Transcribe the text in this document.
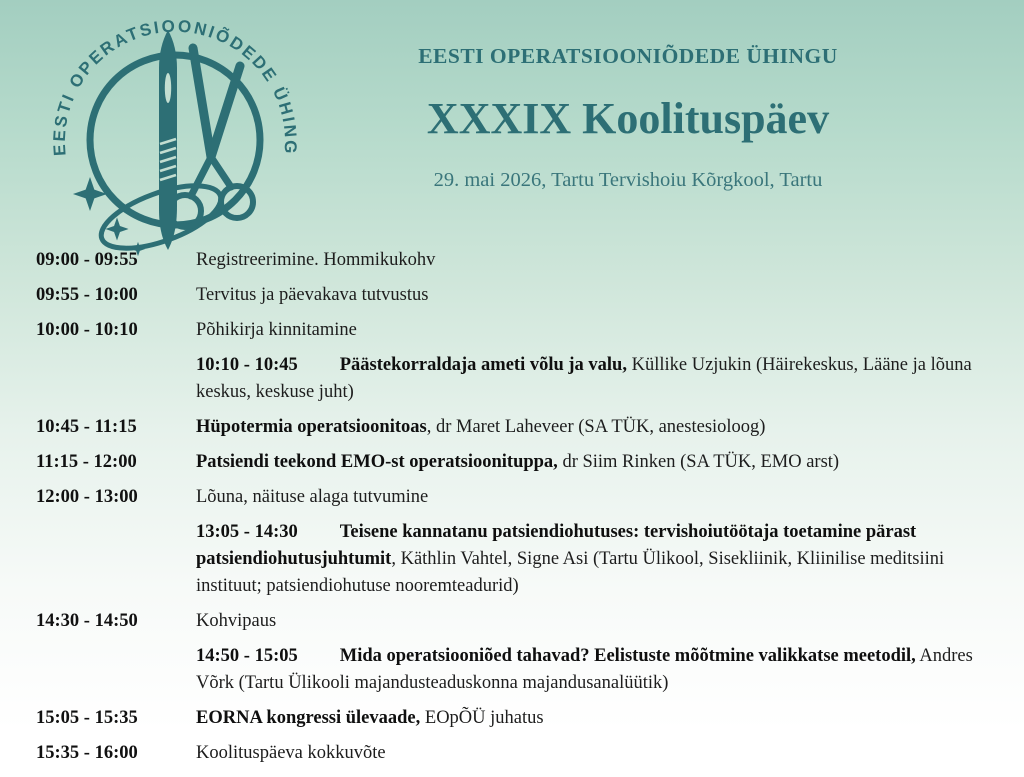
EESTI OPERATSIOONIÕDEDE ÜHING
EESTI OPERATSIOONIÕDEDE ÜHINGU
XXXIX Koolituspäev
29. mai 2026, Tartu Tervishoiu Kõrgkool, Tartu
09:00 - 09:55	Registreerimine. Hommikukohv
09:55 - 10:00	Tervitus ja päevakava tutvustus
10:00 - 10:10	Põhikirja kinnitamine
10:10 - 10:45 Päästekorraldaja ameti võlu ja valu, Küllike Uzjukin (Häirekeskus, Lääne ja lõuna keskus, keskuse juht)
10:45 - 11:15	Hüpotermia operatsioonitoas, dr Maret Laheveer (SA TÜK, anestesioloog)
11:15 - 12:00	Patsiendi teekond EMO-st operatsioonituppa, dr Siim Rinken (SA TÜK, EMO arst)
12:00 - 13:00	Lõuna, näituse alaga tutvumine
13:05 - 14:30 Teisene kannatanu patsiendiohutuses: tervishoiutöötaja toetamine pärast patsiendiohutusjuhtumit, Käthlin Vahtel, Signe Asi (Tartu Ülikool, Sisekliinik, Kliinilise meditsiini instituut; patsiendiohutuse nooremteadurid)
14:30 - 14:50	Kohvipaus
14:50 - 15:05 Mida operatsiooniõed tahavad? Eelistuste mõõtmine valikkatse meetodil, Andres Võrk (Tartu Ülikooli majandusteaduskonna majandusanalüütik)
15:05 - 15:35	EORNA kongressi ülevaade, EOpÕÜ juhatus
15:35 - 16:00	Koolituspäeva kokkuvõte
